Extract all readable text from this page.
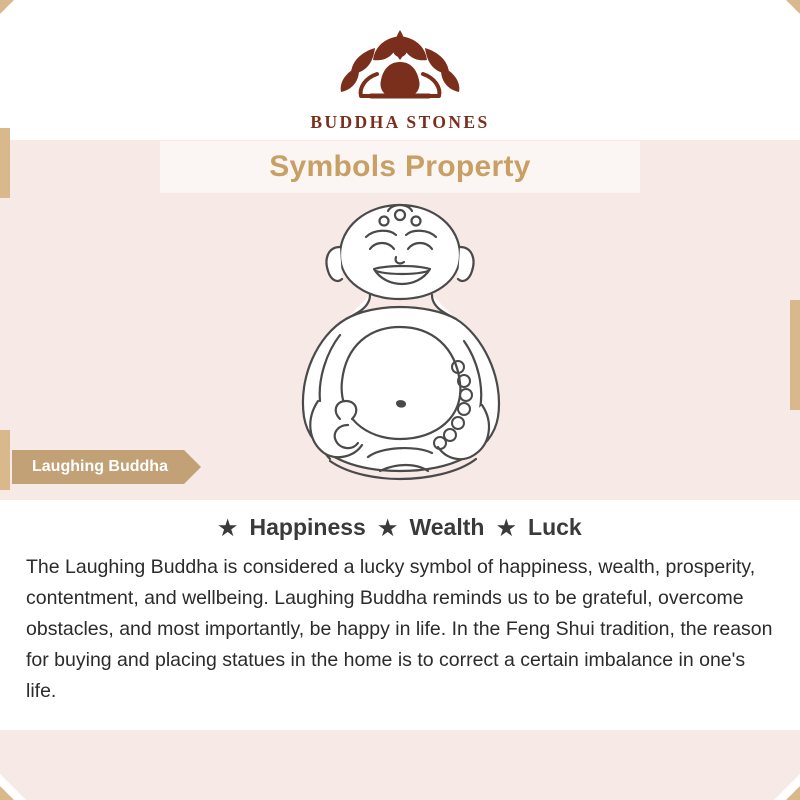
BUDDHA STONES
Symbols Property
Laughing Buddha
★ Happiness ★ Wealth ★ Luck
The Laughing Buddha is considered a lucky symbol of happiness, wealth, prosperity, contentment, and wellbeing. Laughing Buddha reminds us to be grateful, overcome obstacles, and most importantly, be happy in life. In the Feng Shui tradition, the reason for buying and placing statues in the home is to correct a certain imbalance in one's life.
